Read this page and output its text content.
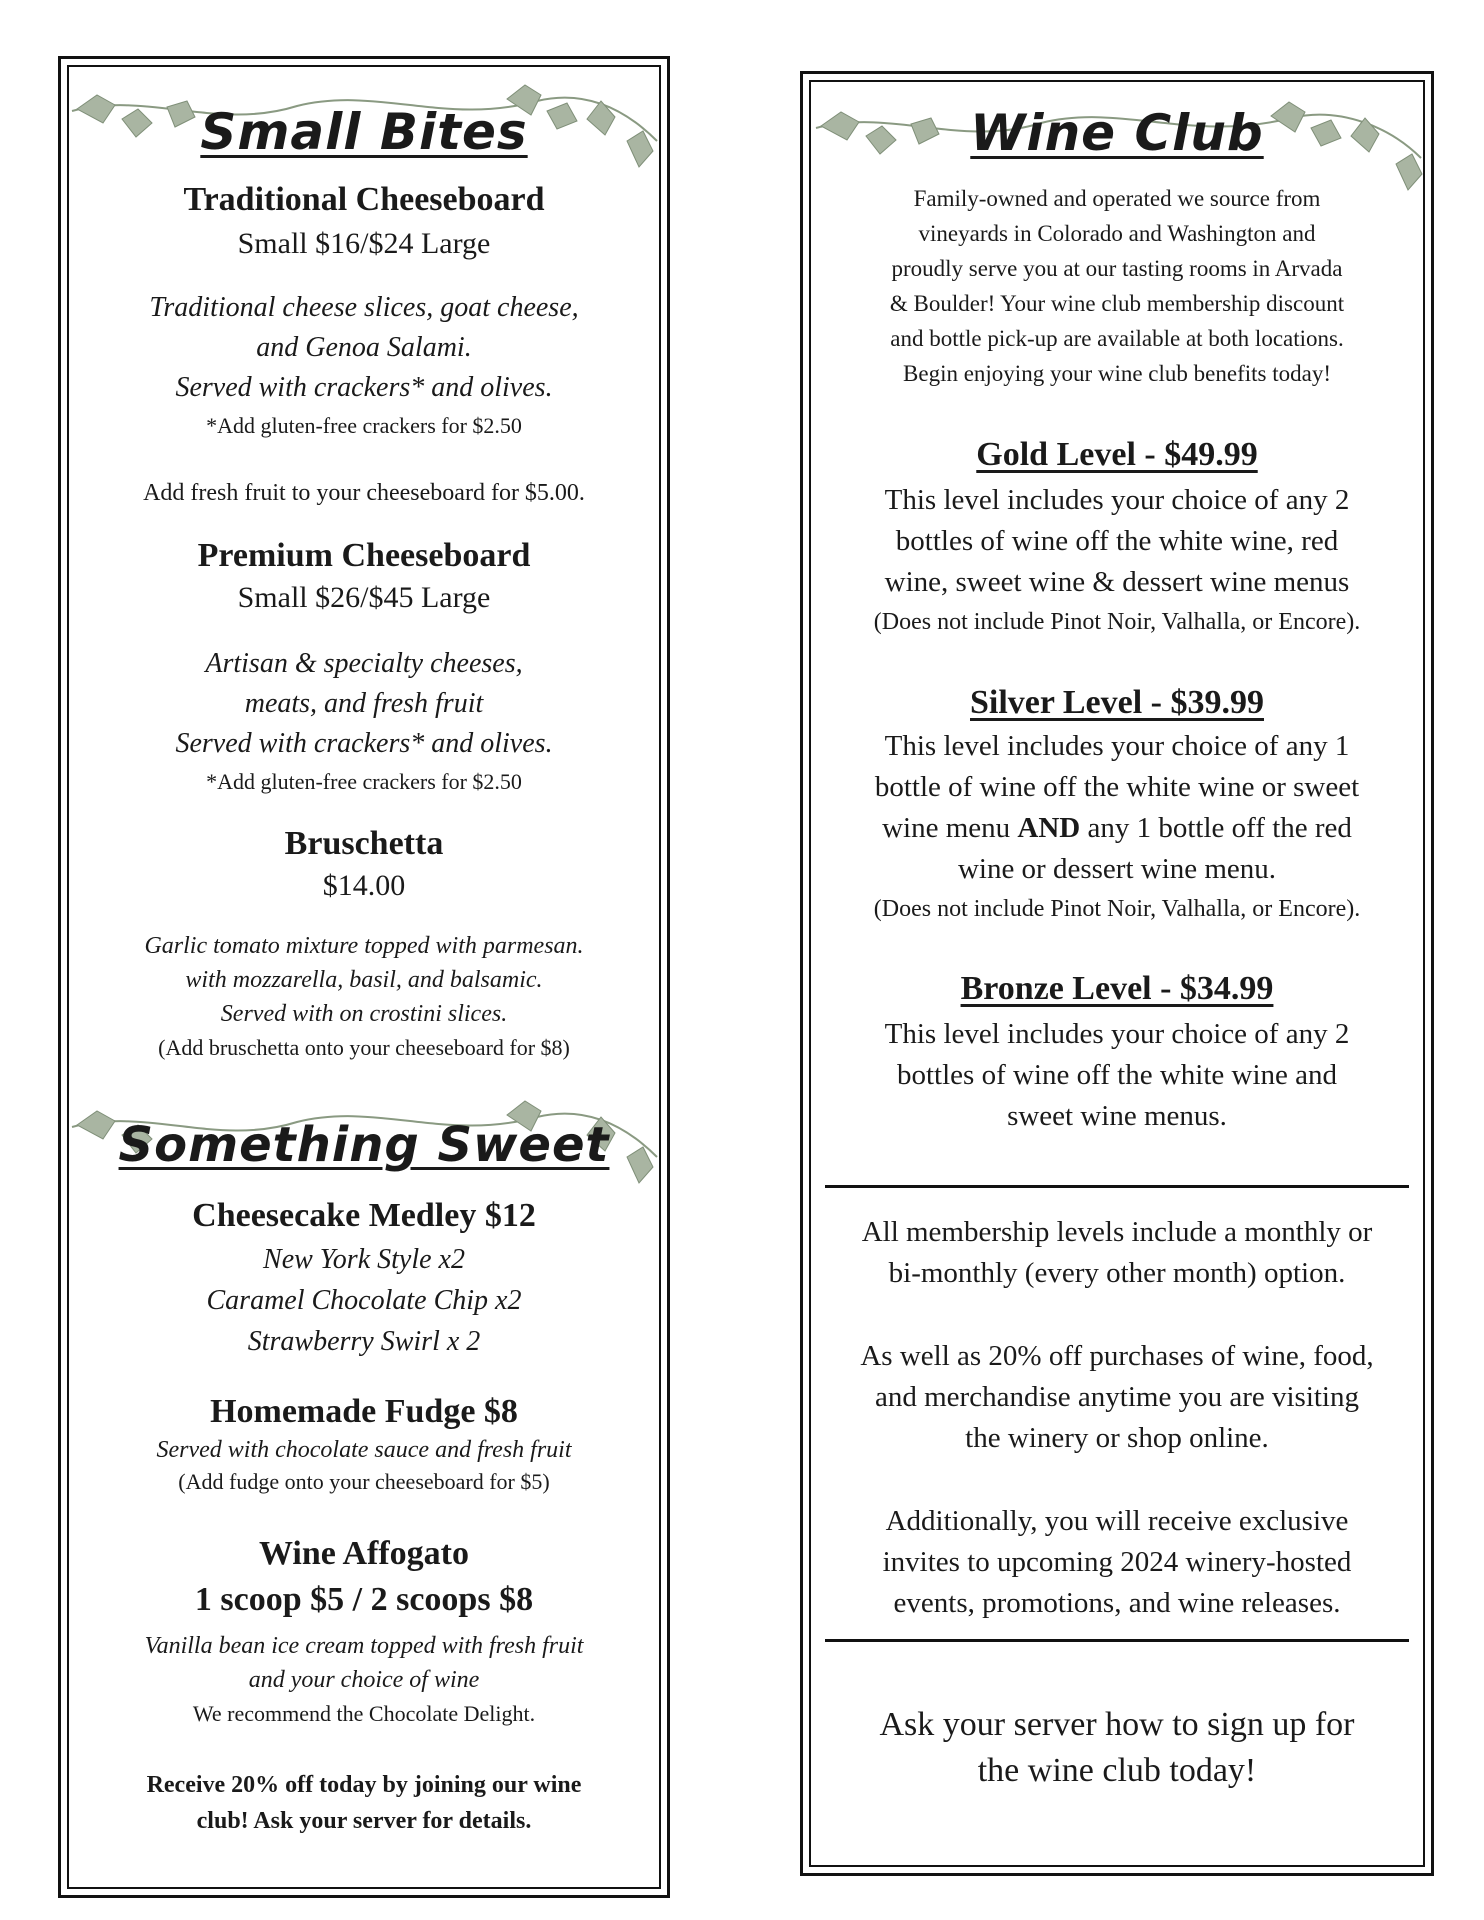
Small Bites
Traditional Cheeseboard
Small $16/$24 Large
Traditional cheese slices, goat cheese,
and Genoa Salami.
Served with crackers* and olives.
*Add gluten-free crackers for $2.50
Add fresh fruit to your cheeseboard for $5.00.
Premium Cheeseboard
Small $26/$45 Large
Artisan & specialty cheeses,
meats, and fresh fruit
Served with crackers* and olives.
*Add gluten-free crackers for $2.50
Bruschetta
$14.00
Garlic tomato mixture topped with parmesan.
with mozzarella, basil, and balsamic.
Served with on crostini slices.
(Add bruschetta onto your cheeseboard for $8)
Something Sweet
Cheesecake Medley $12
New York Style x2
Caramel Chocolate Chip x2
Strawberry Swirl x 2
Homemade Fudge $8
Served with chocolate sauce and fresh fruit
(Add fudge onto your cheeseboard for $5)
Wine Affogato
1 scoop $5 / 2 scoops $8
Vanilla bean ice cream topped with fresh fruit
and your choice of wine
We recommend the Chocolate Delight.
Receive 20% off today by joining our wine
club! Ask your server for details.
Wine Club
Family-owned and operated we source from
vineyards in Colorado and Washington and
proudly serve you at our tasting rooms in Arvada
& Boulder! Your wine club membership discount
and bottle pick-up are available at both locations.
Begin enjoying your wine club benefits today!
Gold Level - $49.99
This level includes your choice of any 2
bottles of wine off the white wine, red
wine, sweet wine & dessert wine menus
(Does not include Pinot Noir, Valhalla, or Encore).
Silver Level - $39.99
This level includes your choice of any 1
bottle of wine off the white wine or sweet
wine menu AND any 1 bottle off the red
wine or dessert wine menu.
(Does not include Pinot Noir, Valhalla, or Encore).
Bronze Level - $34.99
This level includes your choice of any 2
bottles of wine off the white wine and
sweet wine menus.
All membership levels include a monthly or
bi-monthly (every other month) option.
As well as 20% off purchases of wine, food,
and merchandise anytime you are visiting
the winery or shop online.
Additionally, you will receive exclusive
invites to upcoming 2024 winery-hosted
events, promotions, and wine releases.
Ask your server how to sign up for
the wine club today!
